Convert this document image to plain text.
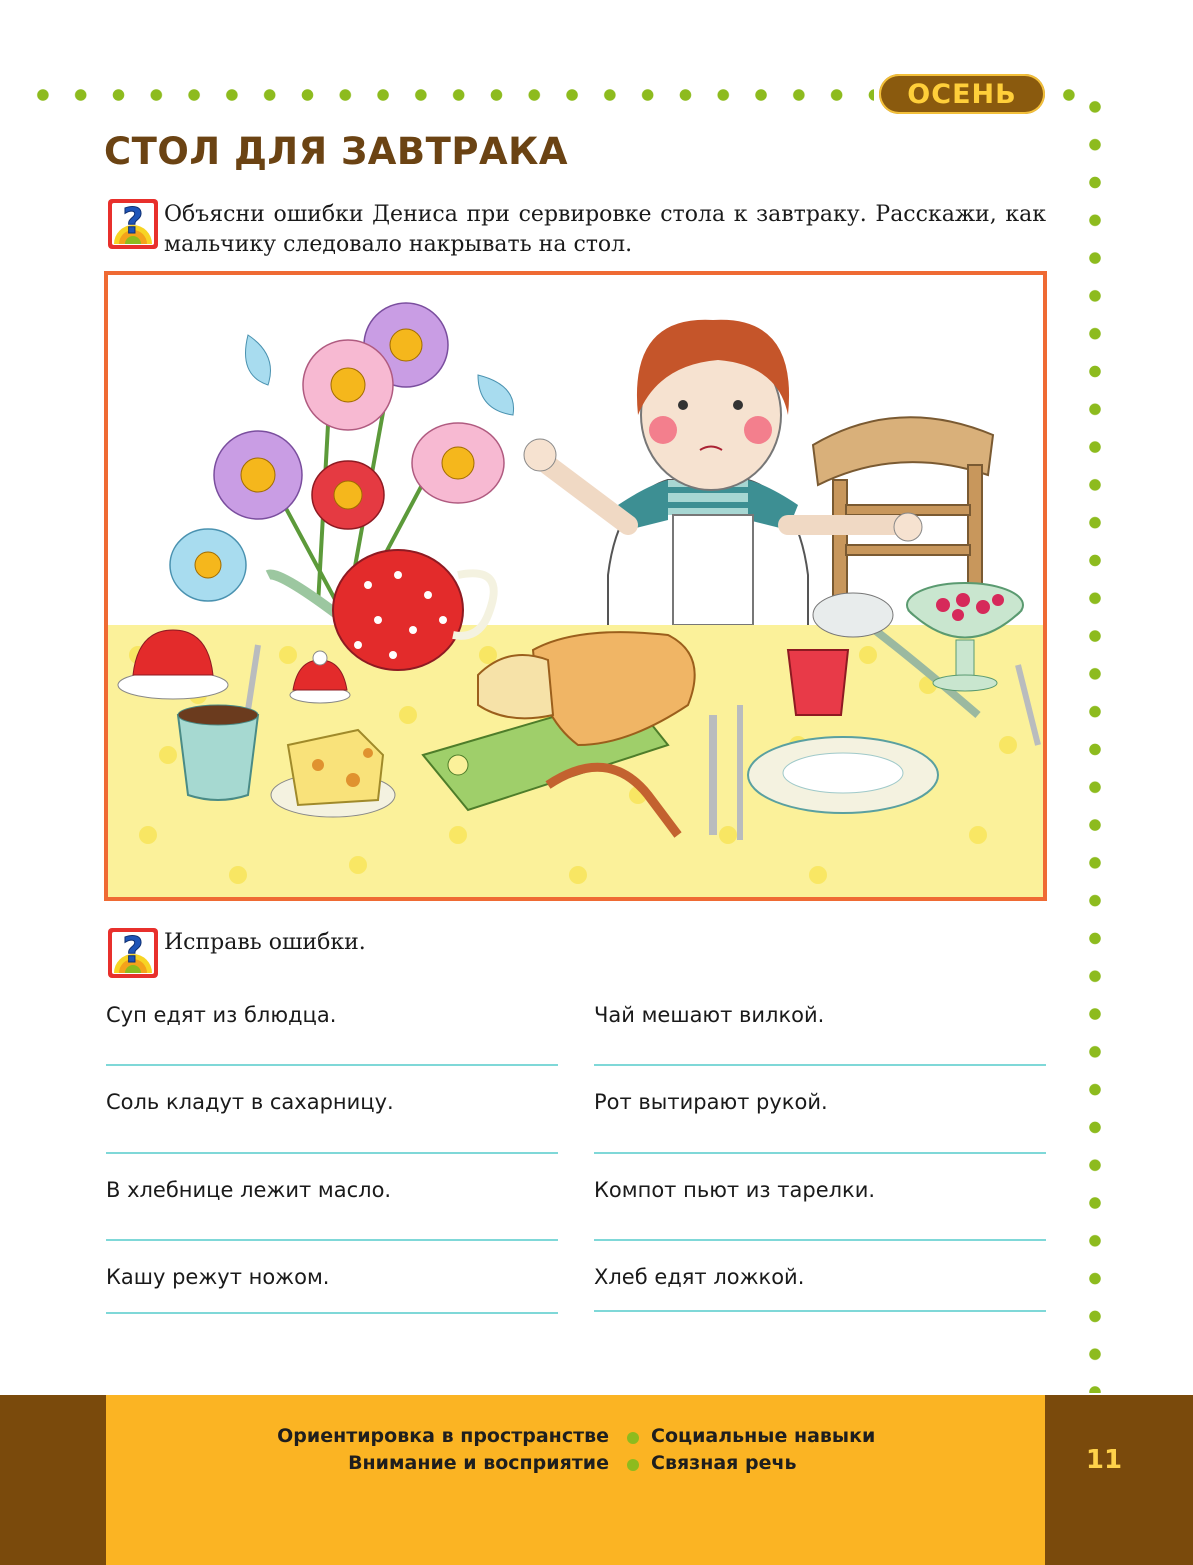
ОСЕНЬ
СТОЛ ДЛЯ ЗАВТРАКА
? Объясни ошибки Дениса при сервировке стола к завтраку. Расскажи, как мальчику следовало накрывать на стол.

? Исправь ошибки.

Суп едят из блюдца.
Соль кладут в сахарницу.
В хлебнице лежит масло.
Кашу режут ножом.
Чай мешают вилкой.
Рот вытирают рукой.
Компот пьют из тарелки.
Хлеб едят ложкой.
Ориентировка в пространстве Социальные навыки
Внимание и восприятие Связная речь	11
